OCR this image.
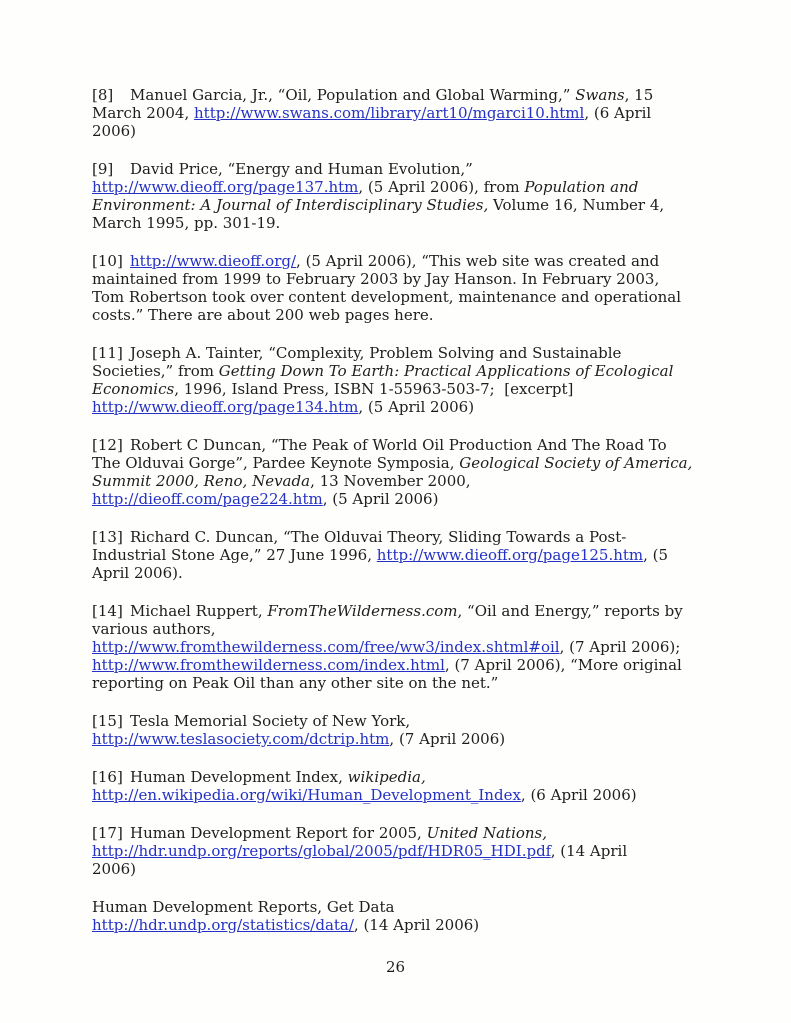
[8] Manuel Garcia, Jr., “Oil, Population and Global Warming,” Swans, 15
March 2004, http://www.swans.com/library/art10/mgarci10.html, (6 April
2006)
[9] David Price, “Energy and Human Evolution,”
http://www.dieoff.org/page137.htm, (5 April 2006), from Population and
Environment: A Journal of Interdisciplinary Studies, Volume 16, Number 4,
March 1995, pp. 301-19.
[10] http://www.dieoff.org/, (5 April 2006), “This web site was created and
maintained from 1999 to February 2003 by Jay Hanson. In February 2003,
Tom Robertson took over content development, maintenance and operational
costs.” There are about 200 web pages here.
[11] Joseph A. Tainter, “Complexity, Problem Solving and Sustainable
Societies,” from Getting Down To Earth: Practical Applications of Ecological
Economics, 1996, Island Press, ISBN 1-55963-503-7;  [excerpt]
http://www.dieoff.org/page134.htm, (5 April 2006)
[12] Robert C Duncan, “The Peak of World Oil Production And The Road To
The Olduvai Gorge”, Pardee Keynote Symposia, Geological Society of America,
Summit 2000, Reno, Nevada, 13 November 2000,
http://dieoff.com/page224.htm, (5 April 2006)
[13] Richard C. Duncan, “The Olduvai Theory, Sliding Towards a Post-
Industrial Stone Age,” 27 June 1996, http://www.dieoff.org/page125.htm, (5
April 2006).
[14] Michael Ruppert, FromTheWilderness.com, “Oil and Energy,” reports by
various authors,
http://www.fromthewilderness.com/free/ww3/index.shtml#oil, (7 April 2006);
http://www.fromthewilderness.com/index.html, (7 April 2006), “More original
reporting on Peak Oil than any other site on the net.”
[15] Tesla Memorial Society of New York,
http://www.teslasociety.com/dctrip.htm, (7 April 2006)
[16] Human Development Index, wikipedia,
http://en.wikipedia.org/wiki/Human_Development_Index, (6 April 2006)
[17] Human Development Report for 2005, United Nations,
http://hdr.undp.org/reports/global/2005/pdf/HDR05_HDI.pdf, (14 April
2006)
Human Development Reports, Get Data
http://hdr.undp.org/statistics/data/, (14 April 2006)
26
